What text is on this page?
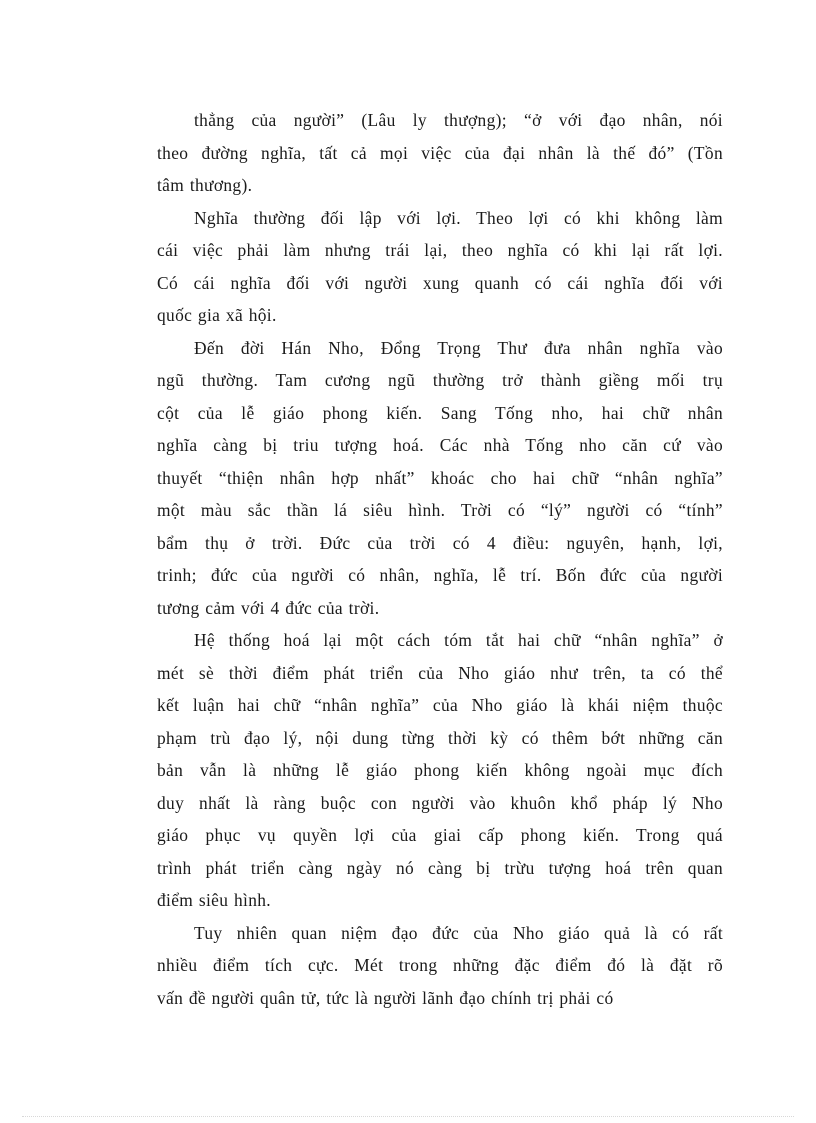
thẳng của người” (Lâu ly thượng); “ở với đạo nhân, nói
theo đường nghĩa, tất cả mọi việc của đại nhân là thế đó” (Tồn
tâm thương).
Nghĩa thường đối lập với lợi. Theo lợi có khi không làm
cái việc phải làm nhưng trái lại, theo nghĩa có khi lại rất lợi.
Có cái nghĩa đối với người xung quanh có cái nghĩa đối với
quốc gia xã hội.
Đến đời Hán Nho, Đổng Trọng Thư đưa nhân nghĩa vào
ngũ thường. Tam cương ngũ thường trở thành giềng mối trụ
cột của lễ giáo phong kiến. Sang Tống nho, hai chữ nhân
nghĩa càng bị triu tượng hoá. Các nhà Tống nho căn cứ vào
thuyết “thiện nhân hợp nhất” khoác cho hai chữ “nhân nghĩa”
một màu sắc thần lá siêu hình. Trời có “lý” người có “tính”
bẩm thụ ở trời. Đức của trời có 4 điều: nguyên, hạnh, lợi,
trinh; đức của người có nhân, nghĩa, lễ trí. Bốn đức của người
tương cảm với 4 đức của trời.
Hệ thống hoá lại một cách tóm tắt hai chữ “nhân nghĩa” ở
mét sè thời điểm phát triển của Nho giáo như trên, ta có thể
kết luận hai chữ “nhân nghĩa” của Nho giáo là khái niệm thuộc
phạm trù đạo lý, nội dung từng thời kỳ có thêm bớt những căn
bản vẫn là những lễ giáo phong kiến không ngoài mục đích
duy nhất là ràng buộc con người vào khuôn khổ pháp lý Nho
giáo phục vụ quyền lợi của giai cấp phong kiến. Trong quá
trình phát triển càng ngày nó càng bị trừu tượng hoá trên quan
điểm siêu hình.
Tuy nhiên quan niệm đạo đức của Nho giáo quả là có rất
nhiều điểm tích cực. Mét trong những đặc điểm đó là đặt rõ
vấn đề người quân tử, tức là người lãnh đạo chính trị phải có
